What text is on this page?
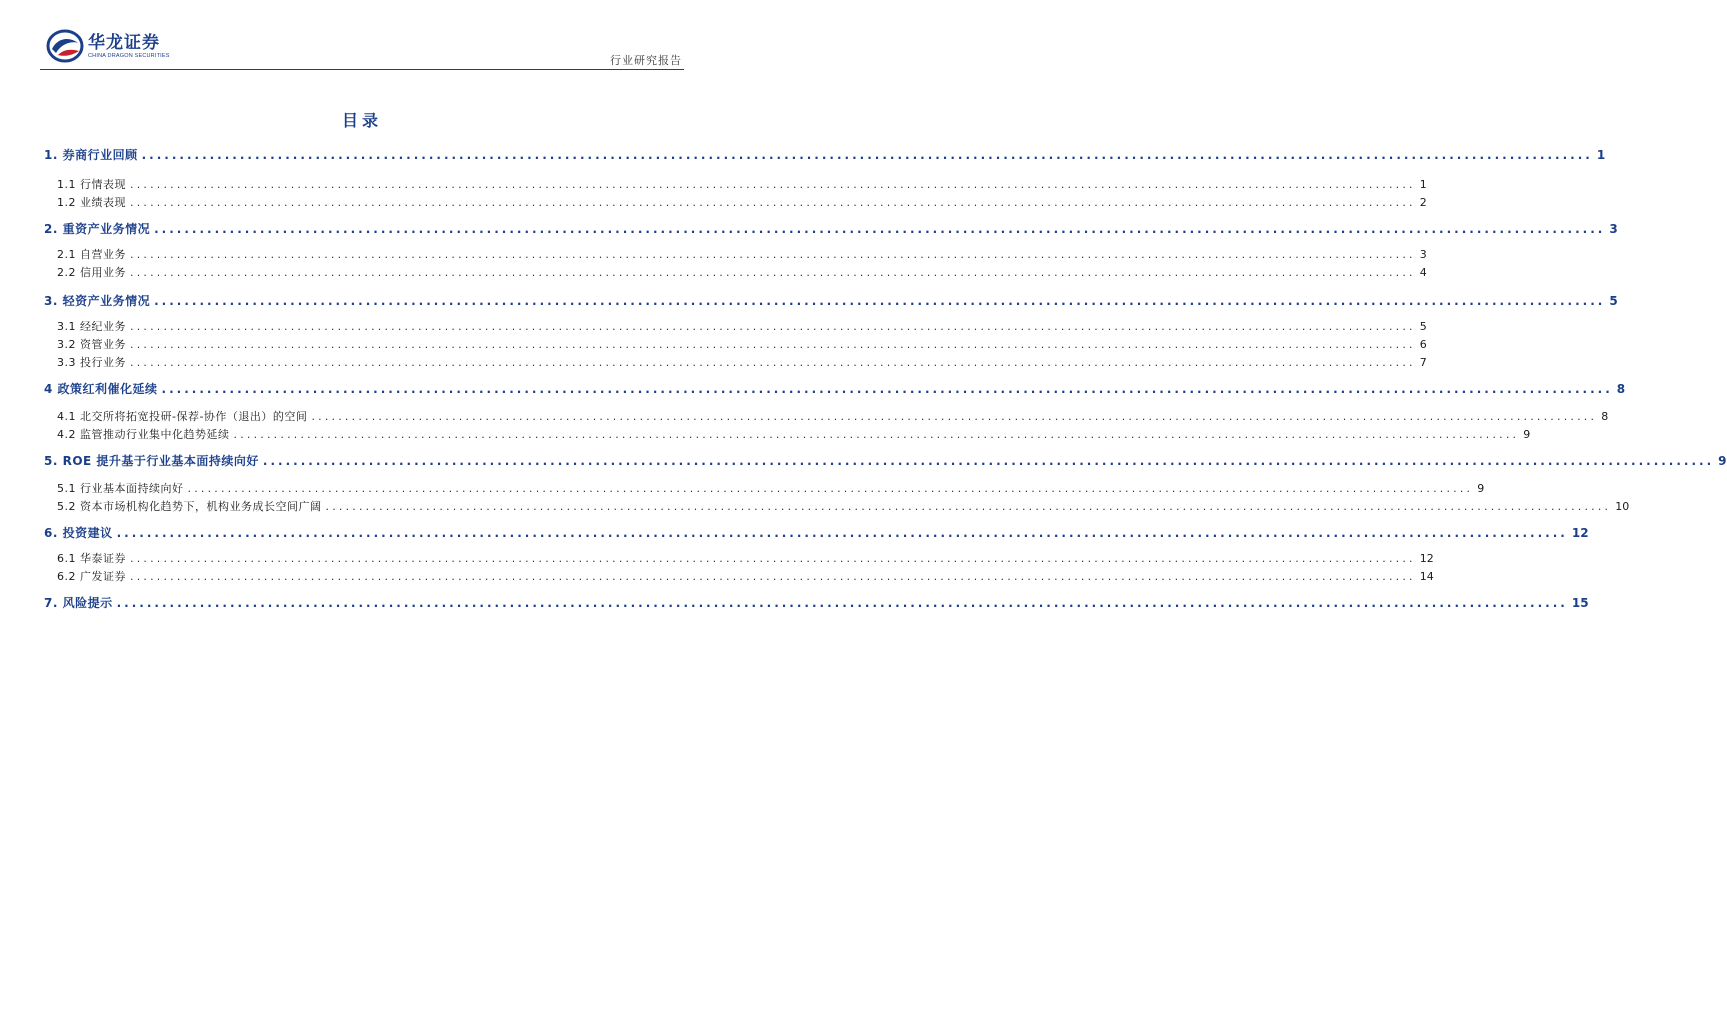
华龙证券
CHINA DRAGON SECURITIES	行业研究报告
目录
1. 券商行业回顾 ................................................................................................................................................................................................ 1
1.1 行情表现 ................................................................................................................................................................................................ 1
1.2 业绩表现 ................................................................................................................................................................................................ 2
2. 重资产业务情况 ................................................................................................................................................................................................ 3
2.1 自营业务 ................................................................................................................................................................................................ 3
2.2 信用业务 ................................................................................................................................................................................................ 4
3. 轻资产业务情况 ................................................................................................................................................................................................ 5
3.1 经纪业务 ................................................................................................................................................................................................ 5
3.2 资管业务 ................................................................................................................................................................................................ 6
3.3 投行业务 ................................................................................................................................................................................................ 7
4 政策红利催化延续 ................................................................................................................................................................................................ 8
4.1 北交所将拓宽投研-保荐-协作（退出）的空间 ................................................................................................................................................................................................ 8
4.2 监管推动行业集中化趋势延续 ................................................................................................................................................................................................ 9
5. ROE 提升基于行业基本面持续向好 ................................................................................................................................................................................................ 9
5.1 行业基本面持续向好 ................................................................................................................................................................................................ 9
5.2 资本市场机构化趋势下，机构业务成长空间广阔 ................................................................................................................................................................................................ 10
6. 投资建议 ................................................................................................................................................................................................ 12
6.1 华泰证券 ................................................................................................................................................................................................ 12
6.2 广发证券 ................................................................................................................................................................................................ 14
7. 风险提示 ................................................................................................................................................................................................ 15
